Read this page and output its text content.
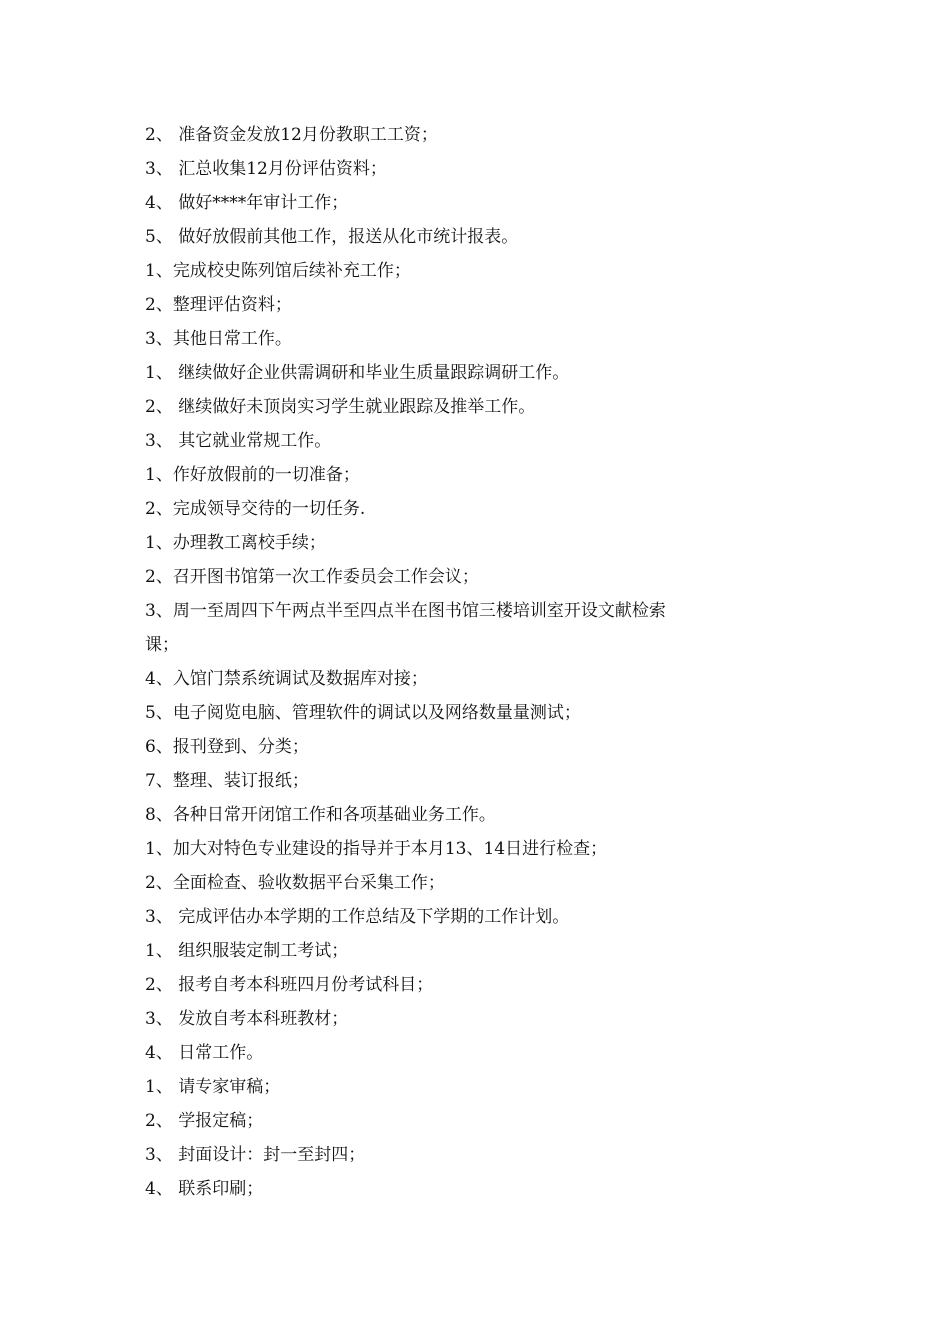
2、 准备资金发放12月份教职工工资；
3、 汇总收集12月份评估资料；
4、 做好****年审计工作；
5、 做好放假前其他工作，报送从化市统计报表。
1、完成校史陈列馆后续补充工作；
2、整理评估资料；
3、其他日常工作。
1、 继续做好企业供需调研和毕业生质量跟踪调研工作。
2、 继续做好未顶岗实习学生就业跟踪及推举工作。
3、 其它就业常规工作。
1、作好放假前的一切准备；
2、完成领导交待的一切任务.
1、办理教工离校手续；
2、召开图书馆第一次工作委员会工作会议；
3、周一至周四下午两点半至四点半在图书馆三楼培训室开设文献检索
课；
4、入馆门禁系统调试及数据库对接；
5、电子阅览电脑、管理软件的调试以及网络数量量测试；
6、报刊登到、分类；
7、整理、装订报纸；
8、各种日常开闭馆工作和各项基础业务工作。
1、加大对特色专业建设的指导并于本月13、14日进行检查；
2、全面检查、验收数据平台采集工作；
3、 完成评估办本学期的工作总结及下学期的工作计划。
1、 组织服装定制工考试；
2、 报考自考本科班四月份考试科目；
3、 发放自考本科班教材；
4、 日常工作。
1、 请专家审稿；
2、 学报定稿；
3、 封面设计：封一至封四；
4、 联系印刷；
